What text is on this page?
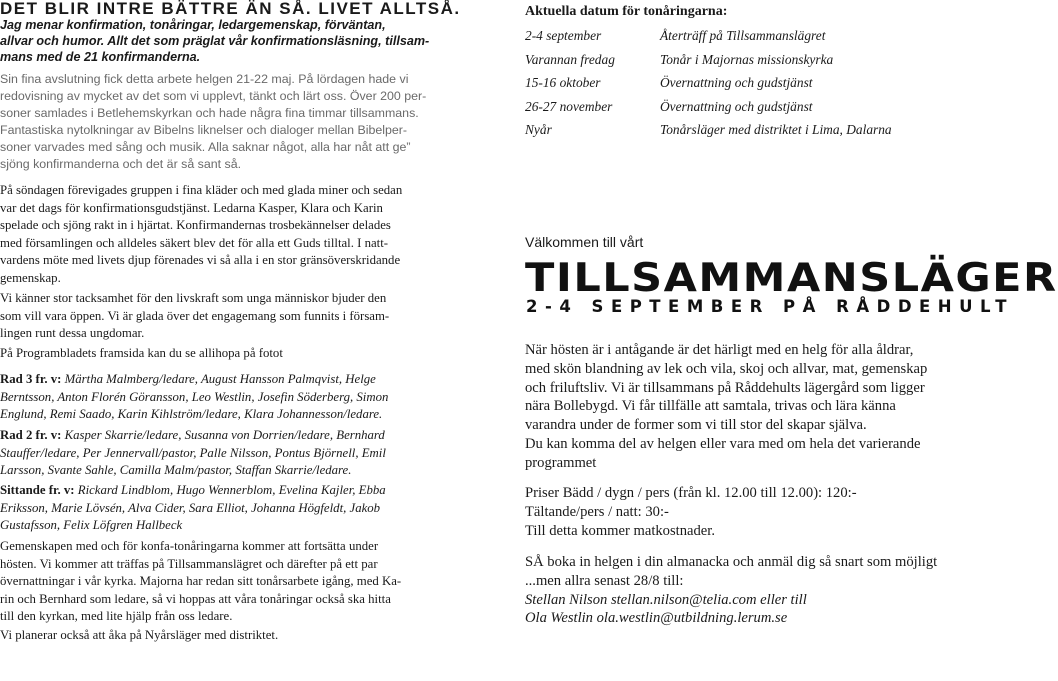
DET BLIR INTRE BÄTTRE ÄN SÅ. LIVET ALLTSÅ.
Jag menar konfirmation, tonåringar, ledargemenskap, förväntan,
allvar och humor. Allt det som präglat vår konfirmationsläsning, tillsam-
mans med de 21 konfirmanderna.
Sin fina avslutning fick detta arbete helgen 21-22 maj. På lördagen hade vi
redovisning av mycket av det som vi upplevt, tänkt och lärt oss. Över 200 per-
soner samlades i Betlehemskyrkan och hade några fina timmar tillsammans.
Fantastiska nytolkningar av Bibelns liknelser och dialoger mellan Bibelper-
soner varvades med sång och musik. Alla saknar något, alla har nåt att ge”
sjöng konfirmanderna och det är så sant så.
På söndagen förevigades gruppen i fina kläder och med glada miner och sedan
var det dags för konfirmationsgudstjänst. Ledarna Kasper, Klara och Karin
spelade och sjöng rakt in i hjärtat. Konfirmandernas trosbekännelser delades
med församlingen och alldeles säkert blev det för alla ett Guds tilltal. I natt-
vardens möte med livets djup förenades vi så alla i en stor gränsöverskridande
gemenskap.
Vi känner stor tacksamhet för den livskraft som unga människor bjuder den
som vill vara öppen. Vi är glada över det engagemang som funnits i försam-
lingen runt dessa ungdomar.
På Programbladets framsida kan du se allihopa på fotot
Rad 3 fr. v: Märtha Malmberg/ledare, August Hansson Palmqvist, Helge
Berntsson, Anton Florén Göransson, Leo Westlin, Josefin Söderberg, Simon
Englund, Remi Saado, Karin Kihlström/ledare, Klara Johannesson/ledare.
Rad 2 fr. v: Kasper Skarrie/ledare, Susanna von Dorrien/ledare, Bernhard
Stauffer/ledare, Per Jennervall/pastor, Palle Nilsson, Pontus Björnell, Emil
Larsson, Svante Sahle, Camilla Malm/pastor, Staffan Skarrie/ledare.
Sittande fr. v: Rickard Lindblom, Hugo Wennerblom, Evelina Kajler, Ebba
Eriksson, Marie Lövsén, Alva Cider, Sara Elliot, Johanna Högfeldt, Jakob
Gustafsson, Felix Löfgren Hallbeck
Gemenskapen med och för konfa-tonåringarna kommer att fortsätta under
hösten. Vi kommer att träffas på Tillsammanslägret och därefter på ett par
övernattningar i vår kyrka. Majorna har redan sitt tonårsarbete igång, med Ka-
rin och Bernhard som ledare, så vi hoppas att våra tonåringar också ska hitta
till den kyrkan, med lite hjälp från oss ledare.
Vi planerar också att åka på Nyårsläger med distriktet.
Aktuella datum för tonåringarna:
2-4 september	Återträff på Tillsammanslägret
Varannan fredag	Tonår i Majornas missionskyrka
15-16 oktober	Övernattning och gudstjänst
26-27 november	Övernattning och gudstjänst
Nyår	Tonårsläger med distriktet i Lima, Dalarna
Välkommen till vårt
TILLSAMMANSLÄGER
2-4 SEPTEMBER PÅ RÅDDEHULT
När hösten är i antågande är det härligt med en helg för alla åldrar,
med skön blandning av lek och vila, skoj och allvar, mat, gemenskap
och friluftsliv. Vi är tillsammans på Råddehults lägergård som ligger
nära Bollebygd. Vi får tillfälle att samtala, trivas och lära känna
varandra under de former som vi till stor del skapar själva.
Du kan komma del av helgen eller vara med om hela det varierande
programmet
Priser Bädd / dygn / pers (från kl. 12.00 till 12.00): 120:-
Tältande/pers / natt: 30:-
Till detta kommer matkostnader.
SÅ boka in helgen i din almanacka och anmäl dig så snart som möjligt
...men allra senast 28/8 till:
Stellan Nilson stellan.nilson@telia.com eller till
Ola Westlin ola.westlin@utbildning.lerum.se
